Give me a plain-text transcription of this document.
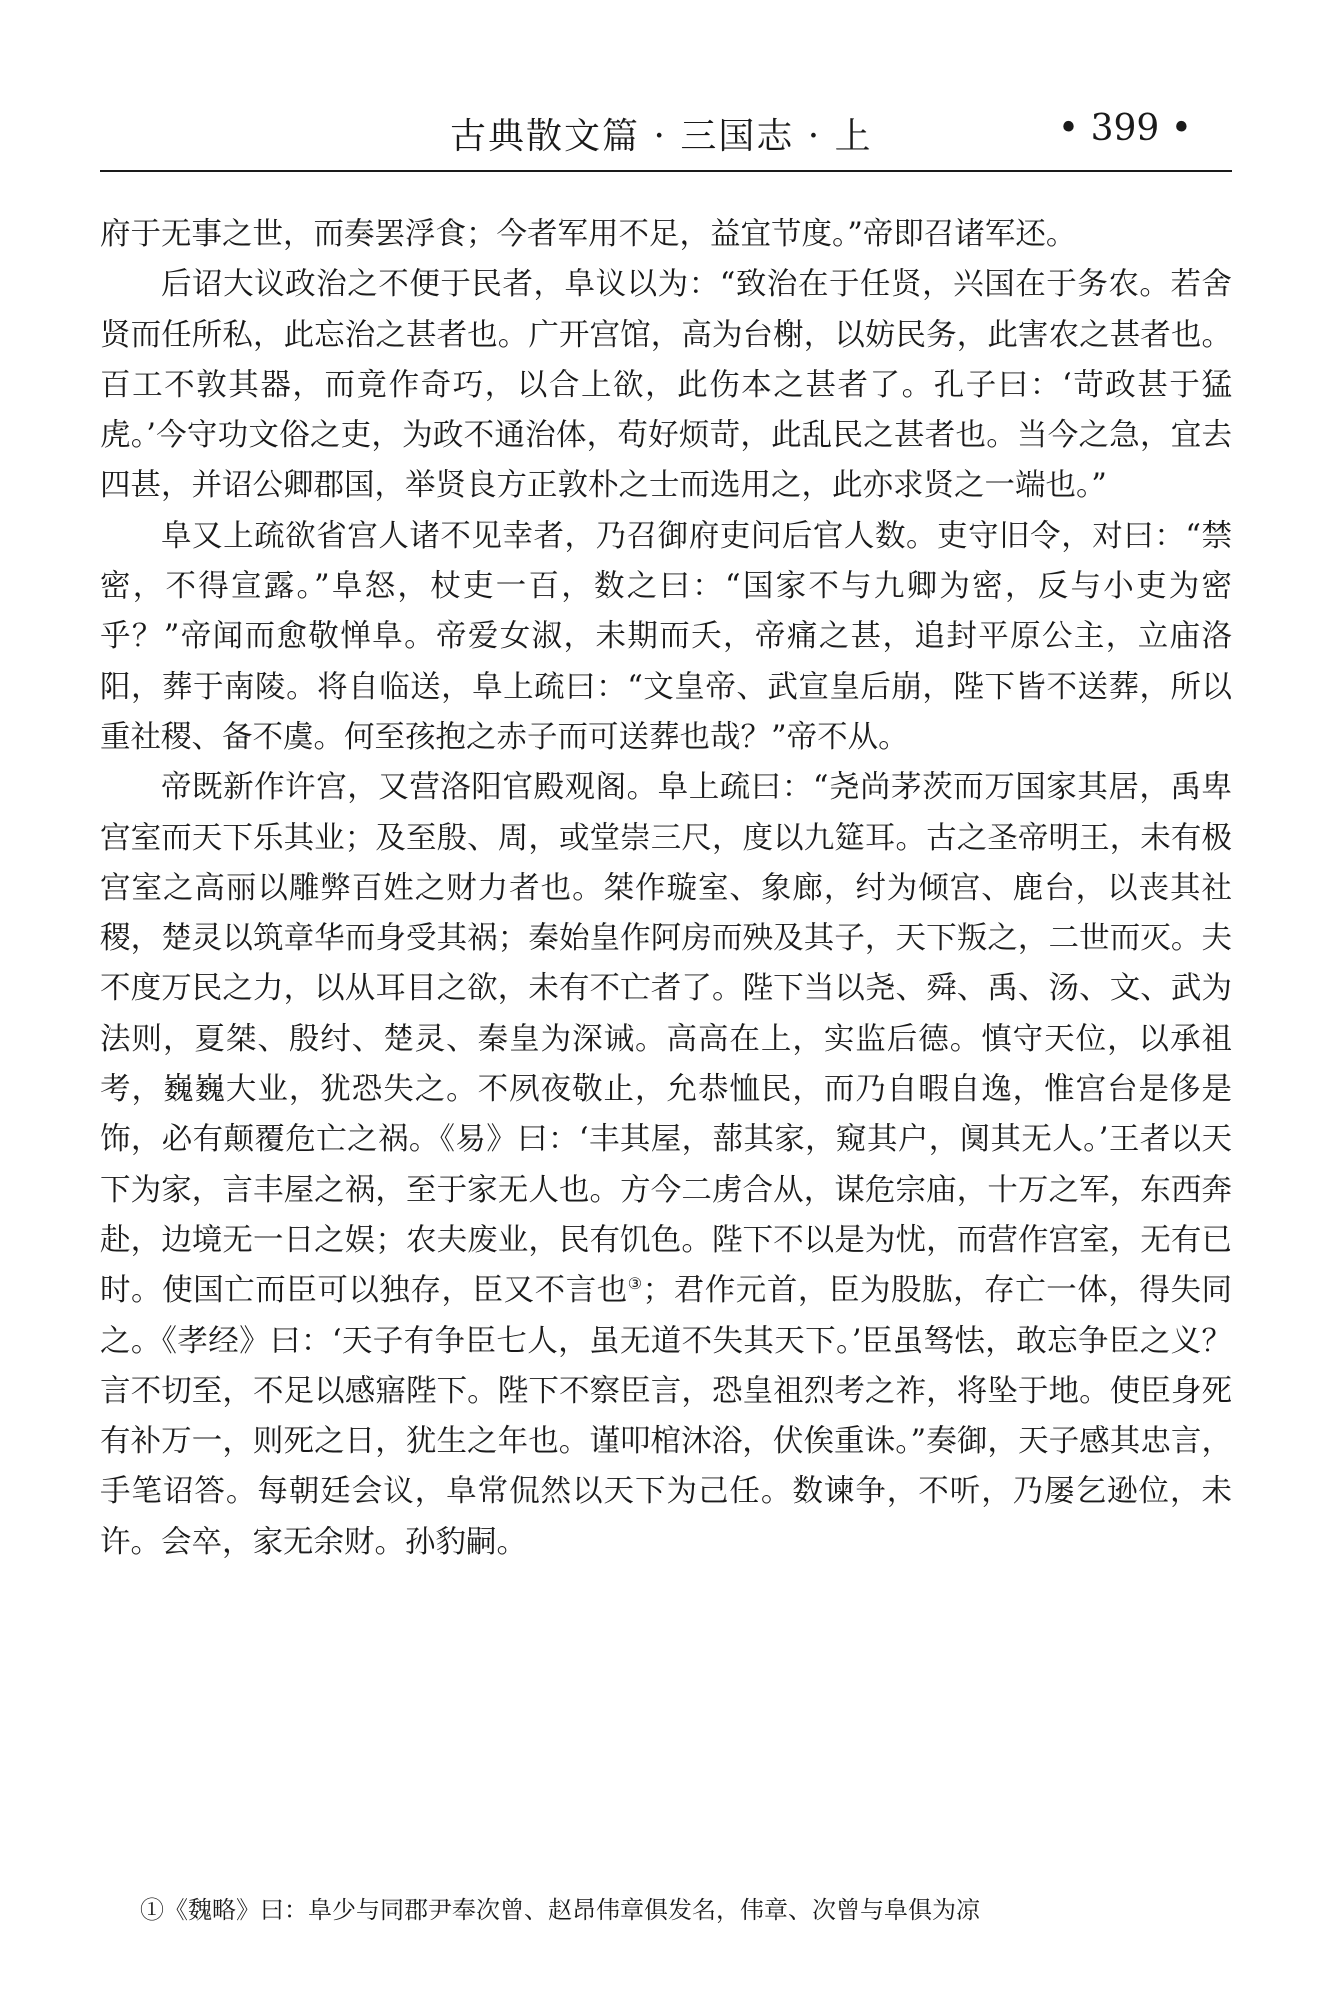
古典散文篇 · 三国志 · 上	• 399 •

府于无事之世，而奏罢浮食；今者军用不足，益宜节度。”帝即召诸军还。

后诏大议政治之不便于民者，阜议以为：“致治在于任贤，兴国在于务农。若舍贤而任所私，此忘治之甚者也。广开宫馆，高为台榭，以妨民务，此害农之甚者也。百工不敦其器，而竟作奇巧，以合上欲，此伤本之甚者了。孔子曰：‘苛政甚于猛虎。’今守功文俗之吏，为政不通治体，苟好烦苛，此乱民之甚者也。当今之急，宜去四甚，并诏公卿郡国，举贤良方正敦朴之士而选用之，此亦求贤之一端也。”

阜又上疏欲省宫人诸不见幸者，乃召御府吏问后官人数。吏守旧令，对曰：“禁密，不得宣露。”阜怒，杖吏一百，数之曰：“国家不与九卿为密，反与小吏为密乎？”帝闻而愈敬惮阜。帝爱女淑，未期而夭，帝痛之甚，追封平原公主，立庙洛阳，葬于南陵。将自临送，阜上疏曰：“文皇帝、武宣皇后崩，陛下皆不送葬，所以重社稷、备不虞。何至孩抱之赤子而可送葬也哉？”帝不从。

帝既新作许宫，又营洛阳官殿观阁。阜上疏曰：“尧尚茅茨而万国家其居，禹卑宫室而天下乐其业；及至殷、周，或堂崇三尺，度以九筵耳。古之圣帝明王，未有极宫室之高丽以雕弊百姓之财力者也。桀作璇室、象廊，纣为倾宫、鹿台，以丧其社稷，楚灵以筑章华而身受其祸；秦始皇作阿房而殃及其子，天下叛之，二世而灭。夫不度万民之力，以从耳目之欲，未有不亡者了。陛下当以尧、舜、禹、汤、文、武为法则，夏桀、殷纣、楚灵、秦皇为深诫。高高在上，实监后德。慎守天位，以承祖考，巍巍大业，犹恐失之。不夙夜敬止，允恭恤民，而乃自暇自逸，惟宫台是侈是饰，必有颠覆危亡之祸。《易》曰：‘丰其屋，蔀其家，窥其户，阒其无人。’王者以天下为家，言丰屋之祸，至于家无人也。方今二虏合从，谋危宗庙，十万之军，东西奔赴，边境无一日之娱；农夫废业，民有饥色。陛下不以是为忧，而营作宫室，无有已时。使国亡而臣可以独存，臣又不言也③；君作元首，臣为股肱，存亡一体，得失同之。《孝经》曰：‘天子有争臣七人，虽无道不失其天下。’臣虽驽怯，敢忘争臣之义？言不切至，不足以感寤陛下。陛下不察臣言，恐皇祖烈考之祚，将坠于地。使臣身死有补万一，则死之日，犹生之年也。谨叩棺沐浴，伏俟重诛。”奏御，天子感其忠言，手笔诏答。每朝廷会议，阜常侃然以天下为己任。数谏争，不听，乃屡乞逊位，未许。会卒，家无余财。孙豹嗣。

①《魏略》曰：阜少与同郡尹奉次曾、赵昂伟章俱发名，伟章、次曾与阜俱为凉
